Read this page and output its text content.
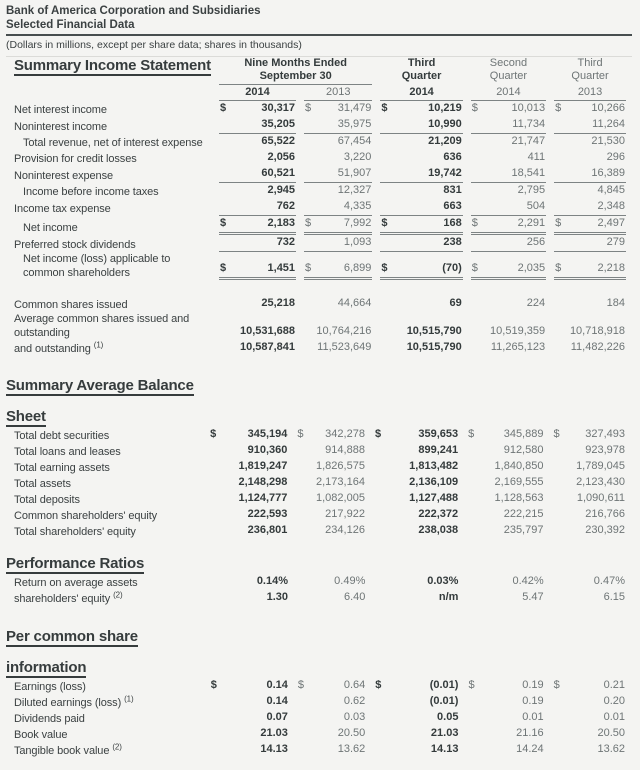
Bank of America Corporation and Subsidiaries
Selected Financial Data
(Dollars in millions, except per share data; shares in thousands)
Summary Income Statement	Nine Months Ended
September 30

Third
Quarter

Second
Quarter

Third
Quarter

	2014	2013	2014	2014	2013

Net interest income	$ 30,317	$ 31,479	$ 10,219	$ 10,013	$ 10,266

Noninterest income	35,205	35,975	10,990	11,734	11,264

Total revenue, net of interest expense	65,522	67,454	21,209	21,747	21,530

Provision for credit losses	2,056	3,220	636	411	296

Noninterest expense	60,521	51,907	19,742	18,541	16,389

Income before income taxes	2,945	12,327	831	2,795	4,845

Income tax expense	762	4,335	663	504	2,348

Net income	$ 2,183	$ 7,992	$ 168	$ 2,291	$ 2,497

Preferred stock dividends	732	1,093	238	256	279

Net income (loss) applicable to
common shareholders	$ 1,451	$ 6,899	$ (70)	$ 2,035	$ 2,218

Common shares issued	25,218	44,664	69	224	184

Average common shares issued and
outstanding	10,531,688	10,764,216	10,515,790	10,519,359	10,718,918

and outstanding $^{(1)}$	10,587,841	11,523,649	10,515,790	11,265,123	11,482,226
Summary Average Balance
Sheet
Total debt securities	$ 345,194	$ 342,278	$ 359,653	$ 345,889	$ 327,493

Total loans and leases	910,360	914,888	899,241	912,580	923,978

Total earning assets	1,819,247	1,826,575	1,813,482	1,840,850	1,789,045

Total assets	2,148,298	2,173,164	2,136,109	2,169,555	2,123,430

Total deposits	1,124,777	1,082,005	1,127,488	1,128,563	1,090,611

Common shareholders' equity	222,593	217,922	222,372	222,215	216,766

Total shareholders' equity	236,801	234,126	238,038	235,797	230,392
Performance Ratios
Return on average assets	0.14%	0.49%	0.03%	0.42%	0.47%

shareholders' equity $^{(2)}$	1.30	6.40	n/m	5.47	6.15
Per common share
information
Earnings (loss)	$ 0.14	$ 0.64	$ (0.01)	$ 0.19	$ 0.21

Diluted earnings (loss) $^{(1)}$	0.14	0.62	(0.01)	0.19	0.20

Dividends paid	0.07	0.03	0.05	0.01	0.01

Book value	21.03	20.50	21.03	21.16	20.50

Tangible book value $^{(2)}$	14.13	13.62	14.13	14.24	13.62
